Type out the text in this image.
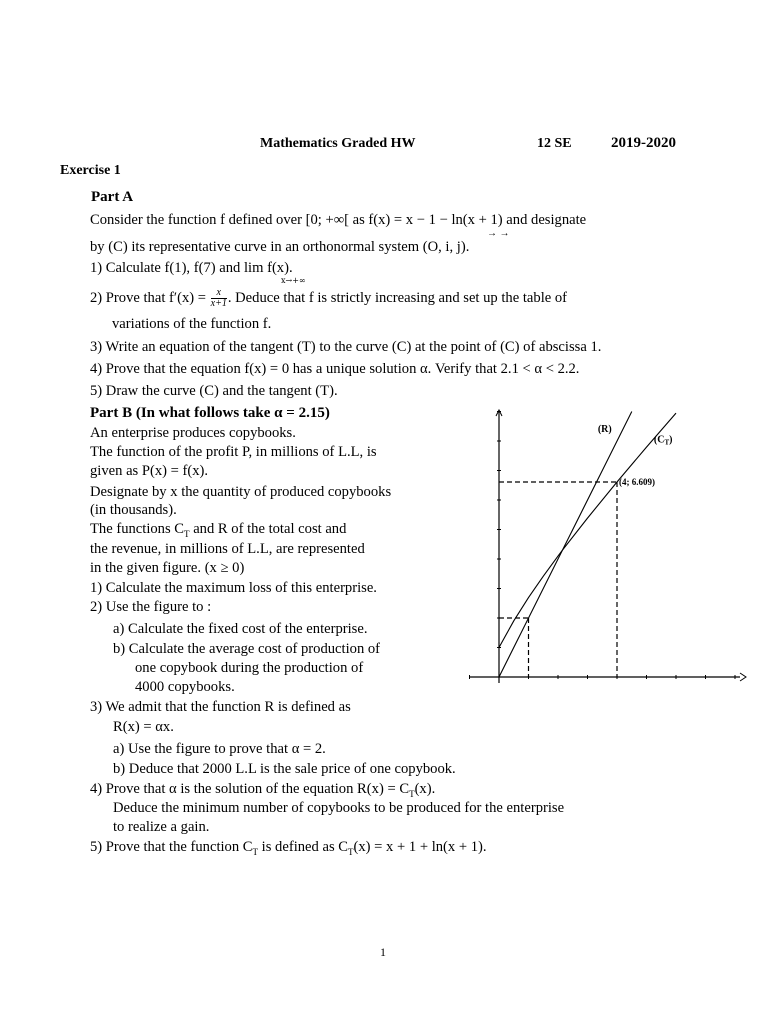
Mathematics Graded HW	12 SE	2019-2020
Exercise 1
Part A
Consider the function f defined over [0; +∞[ as f(x) = x − 1 − ln(x + 1) and designate
→ →
by (C) its representative curve in an orthonormal system (O, i, j).
1) Calculate f(1), f(7) and lim f(x).
x→+∞
2) Prove that $f'(x) = \frac{x}{x+1}$ . Deduce that f is strictly increasing and set up the table of
variations of the function f.
3) Write an equation of the tangent (T) to the curve (C) at the point of (C) of abscissa 1.
4) Prove that the equation f(x) = 0 has a unique solution α. Verify that 2.1 < α < 2.2.
5) Draw the curve (C) and the tangent (T).
Part B (In what follows take α = 2.15)
An enterprise produces copybooks.
The function of the profit P, in millions of L.L, is
given as P(x) = f(x).
Designate by x the quantity of produced copybooks
(in thousands).
The functions $C_T$ and R of the total cost and
the revenue, in millions of L.L, are represented
in the given figure. (x ≥ 0)
1) Calculate the maximum loss of this enterprise.
2) Use the figure to :
a) Calculate the fixed cost of the enterprise.
b) Calculate the average cost of production of
one copybook during the production of
4000 copybooks.
3) We admit that the function R is defined as
R(x) = αx.
a) Use the figure to prove that α = 2.
b) Deduce that 2000 L.L is the sale price of one copybook.
4) Prove that α is the solution of the equation $R(x) = C_T(x)$.
Deduce the minimum number of copybooks to be produced for the enterprise
to realize a gain.
5) Prove that the function $C_T$ is defined as $C_T(x) = x + 1 + \ln(x + 1)$.
(R)
$(C_T)$
(4; 6.609)
1
